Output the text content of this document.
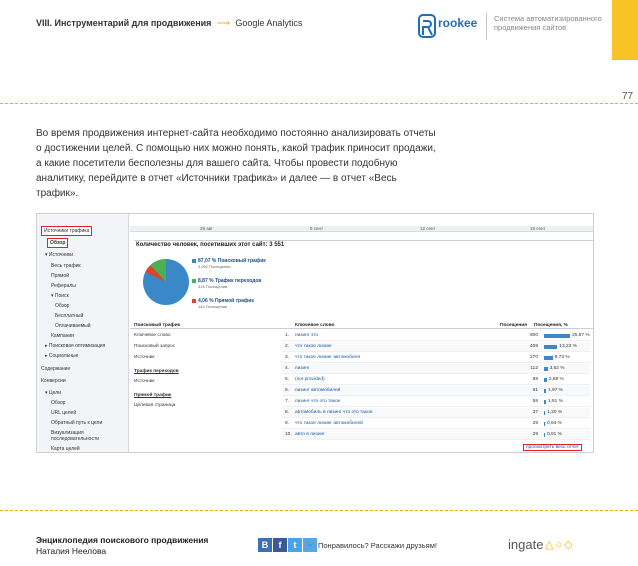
VIII. Инструментарий для продвижения ⟶ Google Analytics	rookee Система автоматизированного продвижения сайтов
77
Во время продвижения интернет-сайта необходимо постоянно анализировать отчеты о достижении целей. С помощью них можно понять, какой трафик приносит продажи, а какие посетители бесполезны для вашего сайта. Чтобы провести подобную аналитику, перейдите в отчет «Источники трафика» и далее — в отчет «Весь трафик».
Источники трафика
Обзор
▾ Источники
Весь трафик
Прямой
Рефералы
▾ Поиск
Обзор
Бесплатный
Оплачиваемый
Кампании
▸ Поисковая оптимизация
▸ Социальные
Содержание
Конверсии
▾ Цели
Обзор
URL целей
Обратный путь к цели
Визуализация последовательности
Карта целей
29 авг	5 сент	12 сент	19 сент
Количество человек, посетивших этот сайт: 3 551
87,07 % Поисковый трафик
3 092 Посещения
8,87 % Трафик переходов
315 Посещения
4,06 % Прямой трафик
144 Посещения
Поисковый трафик	Ключевое слово	Посещения Посещения, %
Ключевое слово
Поисковый запрос
Источник
Трафик переходов
Источник
Прямой трафик
Целевая страница
1. пизинг это	800	25,87 %
2. что такое лизинг	409	13,23 %
3. что такое лизинг автомобиля	270	8,73 %
4. пизинг	112 3,62 %
5. (not provided)	89 2,88 %
6. пизинг автомобилей	61 1,97 %
7. пизинг что это такое	59 1,91 %
8. автомобиль в лизинг что это такое	37 1,20 %
9. что такое лизинг автомобилей	29 0,94 %
10. авто в лизинг	29 0,91 %
просмотреть весь отчет
Энциклопедия поискового продвижения
Наталия Неелова
B	f	t	🐦 Понравилось? Расскажи друзьям!	ingate △○◇
